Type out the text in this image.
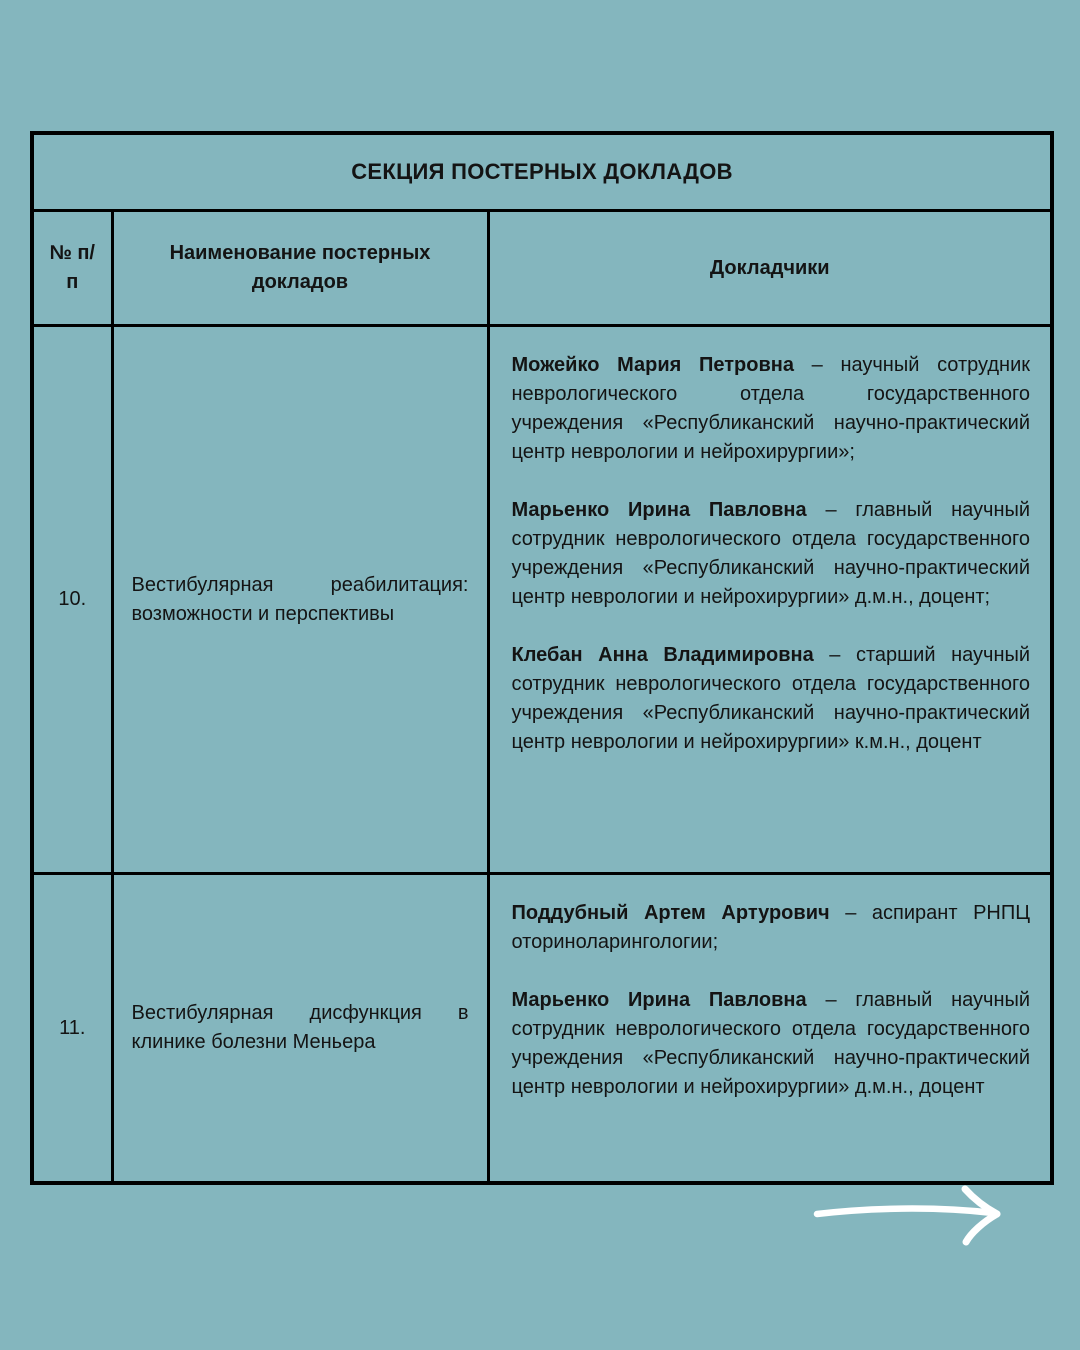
СЕКЦИЯ ПОСТЕРНЫХ ДОКЛАДОВ		
№ п/п	Наименование постерных докладов	Докладчики
10.	Вестибулярная реабилитация: возможности и перспективы	Можейко Мария Петровна – научный сотрудник неврологического отдела государственного учреждения «Республиканский научно-практический центр неврологии и нейрохирургии»;

Марьенко Ирина Павловна – главный научный сотрудник неврологического отдела государственного учреждения «Республиканский научно-практический центр неврологии и нейрохирургии» д.м.н., доцент;

Клебан Анна Владимировна – старший научный сотрудник неврологического отдела государственного учреждения «Республиканский научно-практический центр неврологии и нейрохирургии» к.м.н., доцент

11.	Вестибулярная дисфункция в клинике болезни Меньера	Поддубный Артем Артурович – аспирант РНПЦ оториноларингологии;

Марьенко Ирина Павловна – главный научный сотрудник неврологического отдела государственного учреждения «Республиканский научно-практический центр неврологии и нейрохирургии» д.м.н., доцент
